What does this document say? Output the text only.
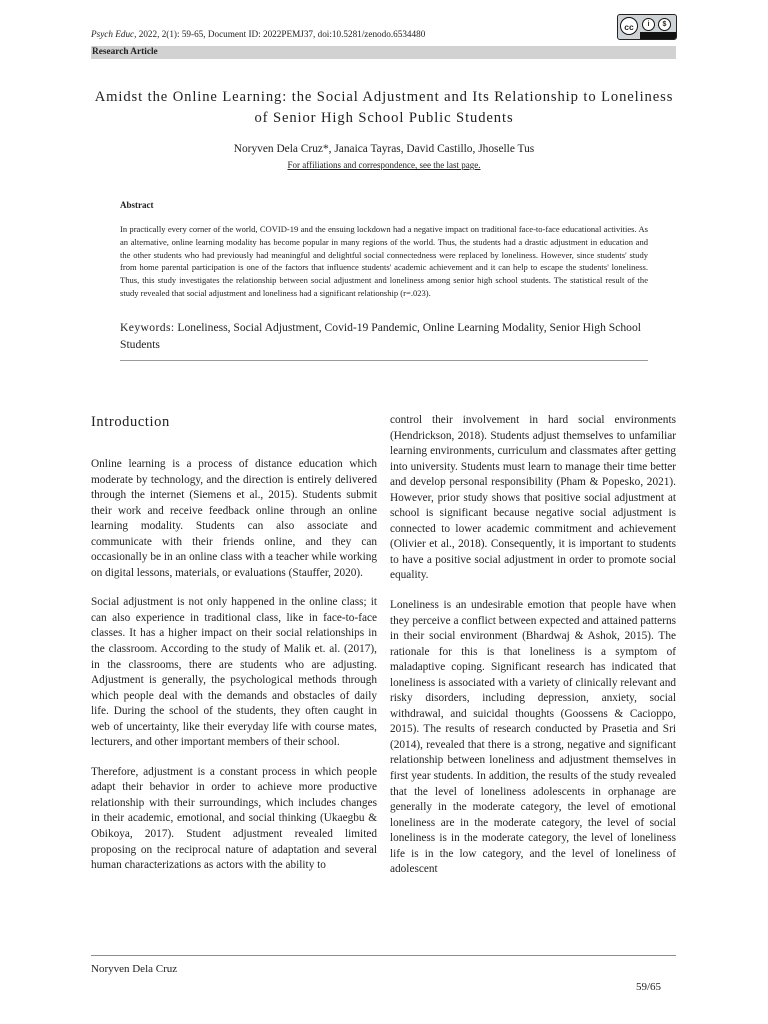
Psych Educ, 2022, 2(1): 59-65, Document ID: 2022PEMJ37, doi:10.5281/zenodo.6534480
cc	i	$
Research Article
Amidst the Online Learning: the Social Adjustment and Its Relationship to Loneliness
of Senior High School Public Students
Noryven Dela Cruz*, Janaica Tayras, David Castillo, Jhoselle Tus
For affiliations and correspondence, see the last page.
Abstract
In practically every corner of the world, COVID-19 and the ensuing lockdown had a negative impact on traditional face-to-face educational activities. As an alternative, online learning modality has become popular in many regions of the world. Thus, the students had a drastic adjustment in education and the other students who had previously had meaningful and delightful social connectedness were replaced by loneliness. However, since students' study from home parental participation is one of the factors that influence students' academic achievement and it can help to escape the students' loneliness. Thus, this study investigates the relationship between social adjustment and loneliness among senior high school students. The statistical result of the study revealed that social adjustment and loneliness had a significant relationship (r=.023).
Keywords: Loneliness, Social Adjustment, Covid-19 Pandemic, Online Learning Modality, Senior High School Students
Introduction

Online learning is a process of distance education which moderate by technology, and the direction is entirely delivered through the internet (Siemens et al., 2015). Students submit their work and receive feedback online through an online learning modality. Students can also associate and communicate with their friends online, and they can occasionally be in an online class with a teacher while working on digital lessons, materials, or evaluations (Stauffer, 2020).

Social adjustment is not only happened in the online class; it can also experience in traditional class, like in face-to-face classes. It has a higher impact on their social relationships in the classroom. According to the study of Malik et. al. (2017), in the classrooms, there are students who are adjusting. Adjustment is generally, the psychological methods through which people deal with the demands and obstacles of daily life. During the school of the students, they often caught in web of uncertainty, like their everyday life with course mates, lecturers, and other important members of their school.

Therefore, adjustment is a constant process in which people adapt their behavior in order to achieve more productive relationship with their surroundings, which includes changes in their academic, emotional, and social thinking (Ukaegbu & Obikoya, 2017). Student adjustment revealed limited proposing on the reciprocal nature of adaptation and several human characterizations as actors with the ability to

control their involvement in hard social environments (Hendrickson, 2018). Students adjust themselves to unfamiliar learning environments, curriculum and classmates after getting into university. Students must learn to manage their time better and develop personal responsibility (Pham & Popesko, 2021). However, prior study shows that positive social adjustment at school is significant because negative social adjustment is connected to lower academic commitment and achievement (Olivier et al., 2018). Consequently, it is important to students to have a positive social adjustment in order to promote social equality.

Loneliness is an undesirable emotion that people have when they perceive a conflict between expected and attained patterns in their social environment (Bhardwaj & Ashok, 2015). The rationale for this is that loneliness is a symptom of maladaptive coping. Significant research has indicated that loneliness is associated with a variety of clinically relevant and risky disorders, including depression, anxiety, social withdrawal, and suicidal thoughts (Goossens & Cacioppo, 2015). The results of research conducted by Prasetia and Sri (2014), revealed that there is a strong, negative and significant relationship between loneliness and adjustment themselves in first year students. In addition, the results of the study revealed that the level of loneliness adolescents in orphanage are generally in the moderate category, the level of emotional loneliness are in the moderate category, the level of social loneliness is in the moderate category, the level of loneliness life is in the low category, and the level of loneliness of adolescent

Noryven Dela Cruz
59/65
